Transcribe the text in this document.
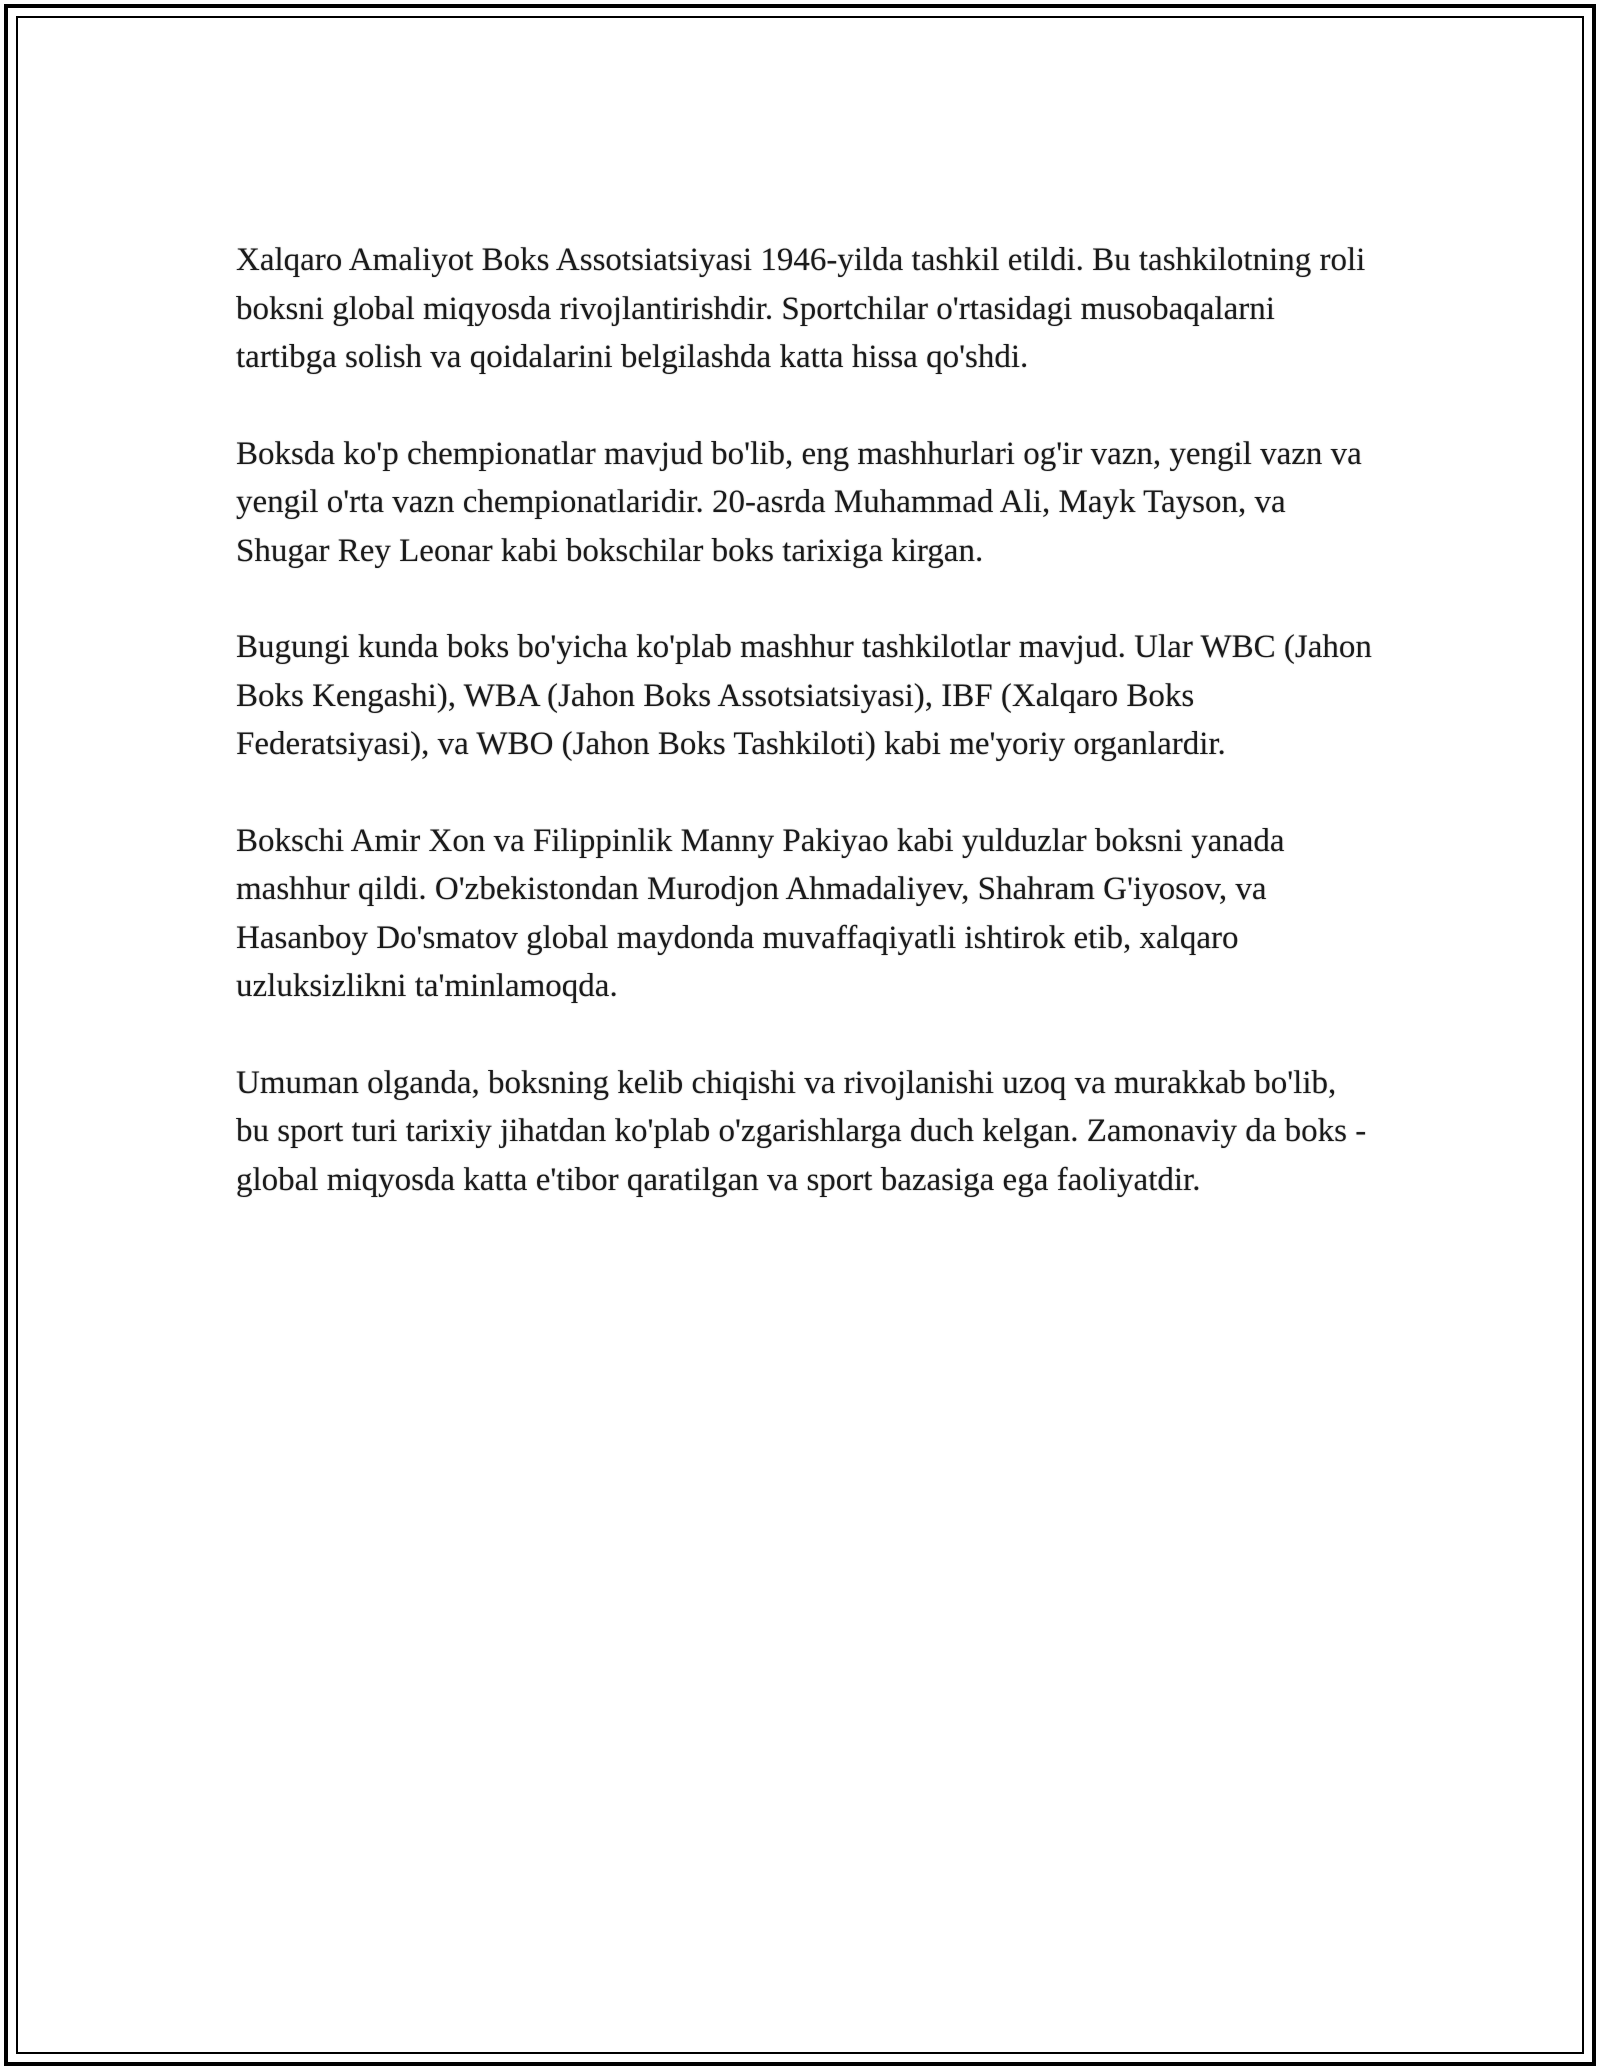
Xalqaro Amaliyot Boks Assotsiatsiyasi 1946-yilda tashkil etildi. Bu tashkilotning roli boksni global miqyosda rivojlantirishdir. Sportchilar o'rtasidagi musobaqalarni tartibga solish va qoidalarini belgilashda katta hissa qo'shdi.

Boksda ko'p chempionatlar mavjud bo'lib, eng mashhurlari og'ir vazn, yengil vazn va yengil o'rta vazn chempionatlaridir. 20-asrda Muhammad Ali, Mayk Tayson, va Shugar Rey Leonar kabi bokschilar boks tarixiga kirgan.

Bugungi kunda boks bo'yicha ko'plab mashhur tashkilotlar mavjud. Ular WBC (Jahon Boks Kengashi), WBA (Jahon Boks Assotsiatsiyasi), IBF (Xalqaro Boks Federatsiyasi), va WBO (Jahon Boks Tashkiloti) kabi me'yoriy organlardir.

Bokschi Amir Xon va Filippinlik Manny Pakiyao kabi yulduzlar boksni yanada mashhur qildi. O'zbekistondan Murodjon Ahmadaliyev, Shahram G'iyosov, va Hasanboy Do'smatov global maydonda muvaffaqiyatli ishtirok etib, xalqaro uzluksizlikni ta'minlamoqda.

Umuman olganda, boksning kelib chiqishi va rivojlanishi uzoq va murakkab bo'lib, bu sport turi tarixiy jihatdan ko'plab o'zgarishlarga duch kelgan. Zamonaviy da boks - global miqyosda katta e'tibor qaratilgan va sport bazasiga ega faoliyatdir.
